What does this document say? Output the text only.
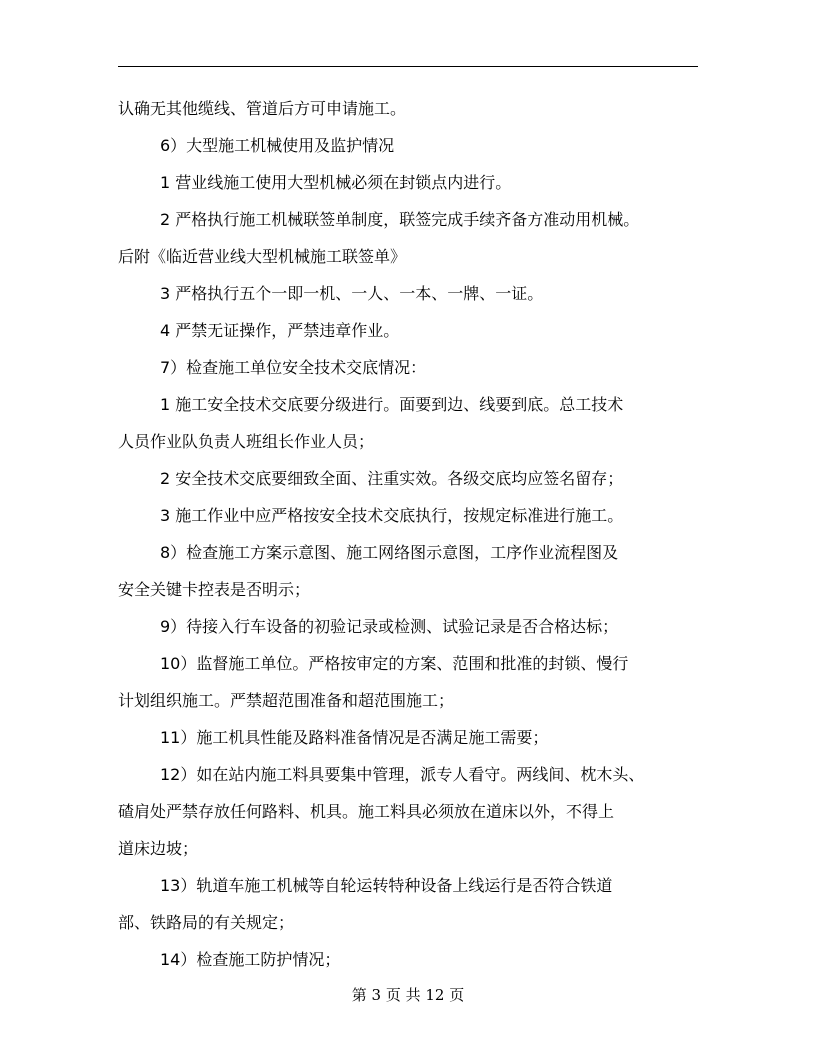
认确无其他缆线、管道后方可申请施工。
6）大型施工机械使用及监护情况
1 营业线施工使用大型机械必须在封锁点内进行。
2 严格执行施工机械联签单制度，联签完成手续齐备方准动用机械。
后附《临近营业线大型机械施工联签单》
3 严格执行五个一即一机、一人、一本、一牌、一证。
4 严禁无证操作，严禁违章作业。
7）检查施工单位安全技术交底情况：
1 施工安全技术交底要分级进行。面要到边、线要到底。总工技术
人员作业队负责人班组长作业人员；
2 安全技术交底要细致全面、注重实效。各级交底均应签名留存；
3 施工作业中应严格按安全技术交底执行，按规定标准进行施工。
8）检查施工方案示意图、施工网络图示意图，工序作业流程图及
安全关键卡控表是否明示；
9）待接入行车设备的初验记录或检测、试验记录是否合格达标；
10）监督施工单位。严格按审定的方案、范围和批准的封锁、慢行
计划组织施工。严禁超范围准备和超范围施工；
11）施工机具性能及路料准备情况是否满足施工需要；
12）如在站内施工料具要集中管理，派专人看守。两线间、枕木头、
碴肩处严禁存放任何路料、机具。施工料具必须放在道床以外，不得上
道床边坡；
13）轨道车施工机械等自轮运转特种设备上线运行是否符合铁道
部、铁路局的有关规定；
14）检查施工防护情况；
第 3 页 共 12 页
